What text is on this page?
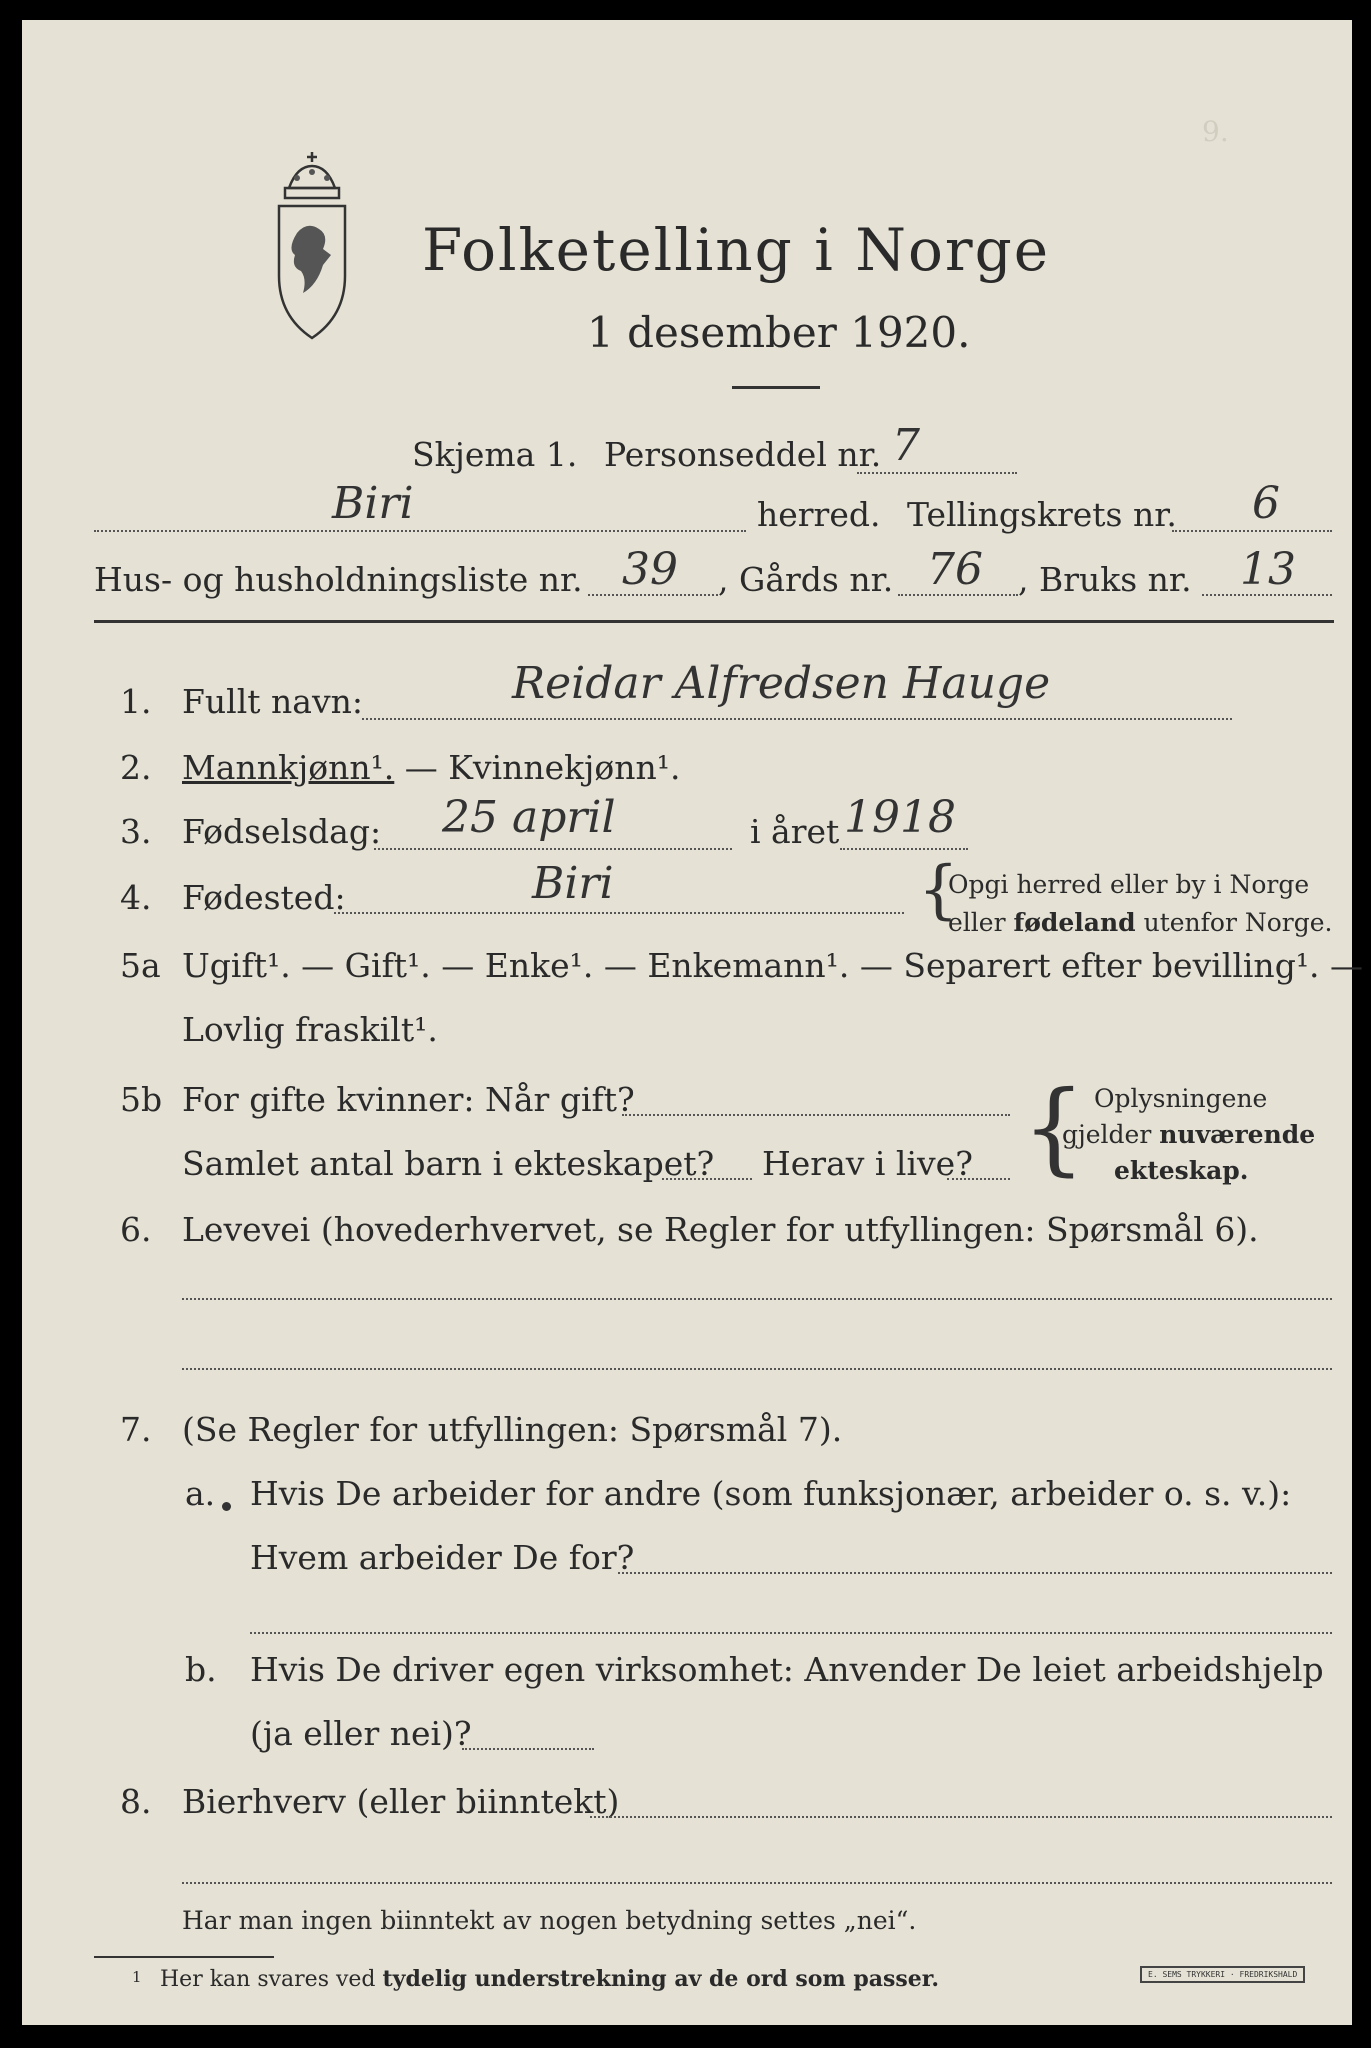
9.
Folketelling i Norge
1 desember 1920.
Skjema 1. Personseddel nr. 7
Biri	herred. Tellingskrets nr. 6
Hus- og husholdningsliste nr. 39 , Gårds nr. 76 , Bruks nr. 13
1. Fullt navn:	Reidar Alfredsen Hauge
2. Mannkjønn¹. — Kvinnekjønn¹.
3. Fødselsdag: 25 april	i året 1918
4. Fødested:	Biri	{
Opgi herred eller by i Norge
eller fødeland utenfor Norge.
5a Ugift¹. — Gift¹. — Enke¹. — Enkemann¹. — Separert efter bevilling¹. —
Lovlig fraskilt¹.
5b For gifte kvinner: Når gift?
Samlet antal barn i ekteskapet? Herav i live? { Oplysningene
gjelder nuværende
ekteskap.
6. Levevei (hovederhvervet, se Regler for utfyllingen: Spørsmål 6).
7. (Se Regler for utfyllingen: Spørsmål 7).
a. Hvis De arbeider for andre (som funksjonær, arbeider o. s. v.):
Hvem arbeider De for?
b. Hvis De driver egen virksomhet: Anvender De leiet arbeidshjelp
(ja eller nei)?
8. Bierhverv (eller biinntekt)
Har man ingen biinntekt av nogen betydning settes „nei“.
1 Her kan svares ved tydelig understrekning av de ord som passer.	E. SEMS TRYKKERI · FREDRIKSHALD
